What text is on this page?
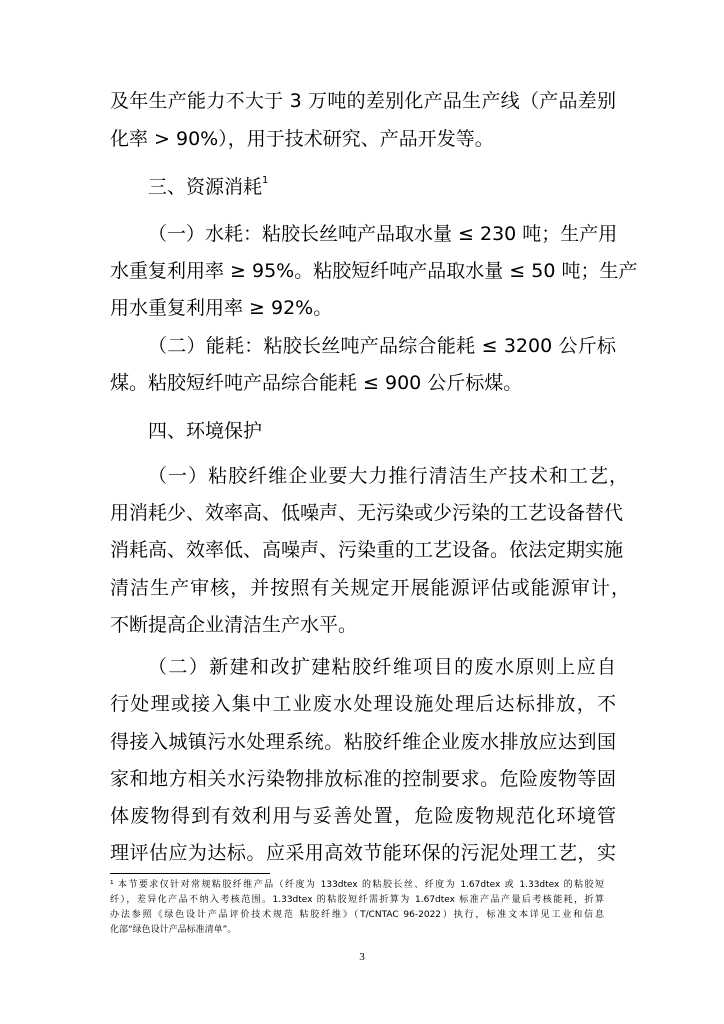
及年生产能力不大于 3 万吨的差别化产品生产线（产品差别
化率 > 90%），用于技术研究、产品开发等。
三、资源消耗$^1$
（一）水耗：粘胶长丝吨产品取水量 ≤ 230 吨；生产用
水重复利用率 ≥ 95%。粘胶短纤吨产品取水量 ≤ 50 吨；生产
用水重复利用率 ≥ 92%。
（二）能耗：粘胶长丝吨产品综合能耗 ≤ 3200 公斤标
煤。粘胶短纤吨产品综合能耗 ≤ 900 公斤标煤。
四、环境保护
（一）粘胶纤维企业要大力推行清洁生产技术和工艺，
用消耗少、效率高、低噪声、无污染或少污染的工艺设备替代
消耗高、效率低、高噪声、污染重的工艺设备。依法定期实施
清洁生产审核，并按照有关规定开展能源评估或能源审计，
不断提高企业清洁生产水平。
（二）新建和改扩建粘胶纤维项目的废水原则上应自
行处理或接入集中工业废水处理设施处理后达标排放，不
得接入城镇污水处理系统。粘胶纤维企业废水排放应达到国
家和地方相关水污染物排放标准的控制要求。危险废物等固
体废物得到有效利用与妥善处置，危险废物规范化环境管
理评估应为达标。应采用高效节能环保的污泥处理工艺，实
¹ 本节要求仅针对常规粘胶纤维产品（纤度为 133dtex 的粘胶长丝、纤度为 1.67dtex 或 1.33dtex 的粘胶短
纤），差异化产品不纳入考核范围。1.33dtex 的粘胶短纤需折算为 1.67dtex 标准产品产量后考核能耗，折算
办法参照《绿色设计产品评价技术规范 粘胶纤维》（T/CNTAC 96-2022）执行，标准文本详见工业和信息
化部“绿色设计产品标准清单”。
3
